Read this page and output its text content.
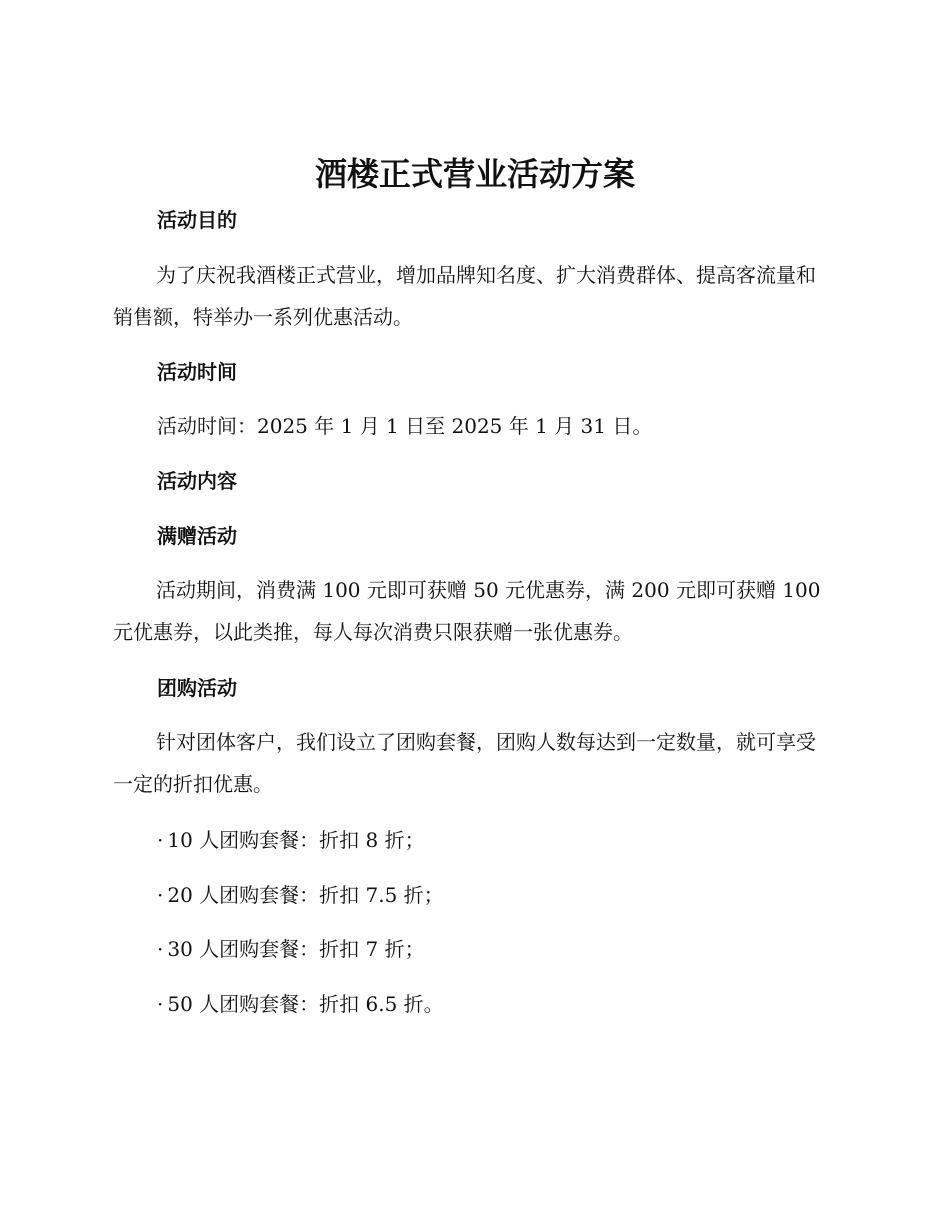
酒楼正式营业活动方案
活动目的

为了庆祝我酒楼正式营业，增加品牌知名度、扩大消费群体、提高客流量和销售额，特举办一系列优惠活动。

活动时间

活动时间：2025 年 1 月 1 日至 2025 年 1 月 31 日。

活动内容
满赠活动

活动期间，消费满 100 元即可获赠 50 元优惠券，满 200 元即可获赠 100 元优惠券，以此类推，每人每次消费只限获赠一张优惠券。

团购活动

针对团体客户，我们设立了团购套餐，团购人数每达到一定数量，就可享受一定的折扣优惠。

· 10 人团购套餐：折扣 8 折；

· 20 人团购套餐：折扣 7.5 折；

· 30 人团购套餐：折扣 7 折；

· 50 人团购套餐：折扣 6.5 折。
